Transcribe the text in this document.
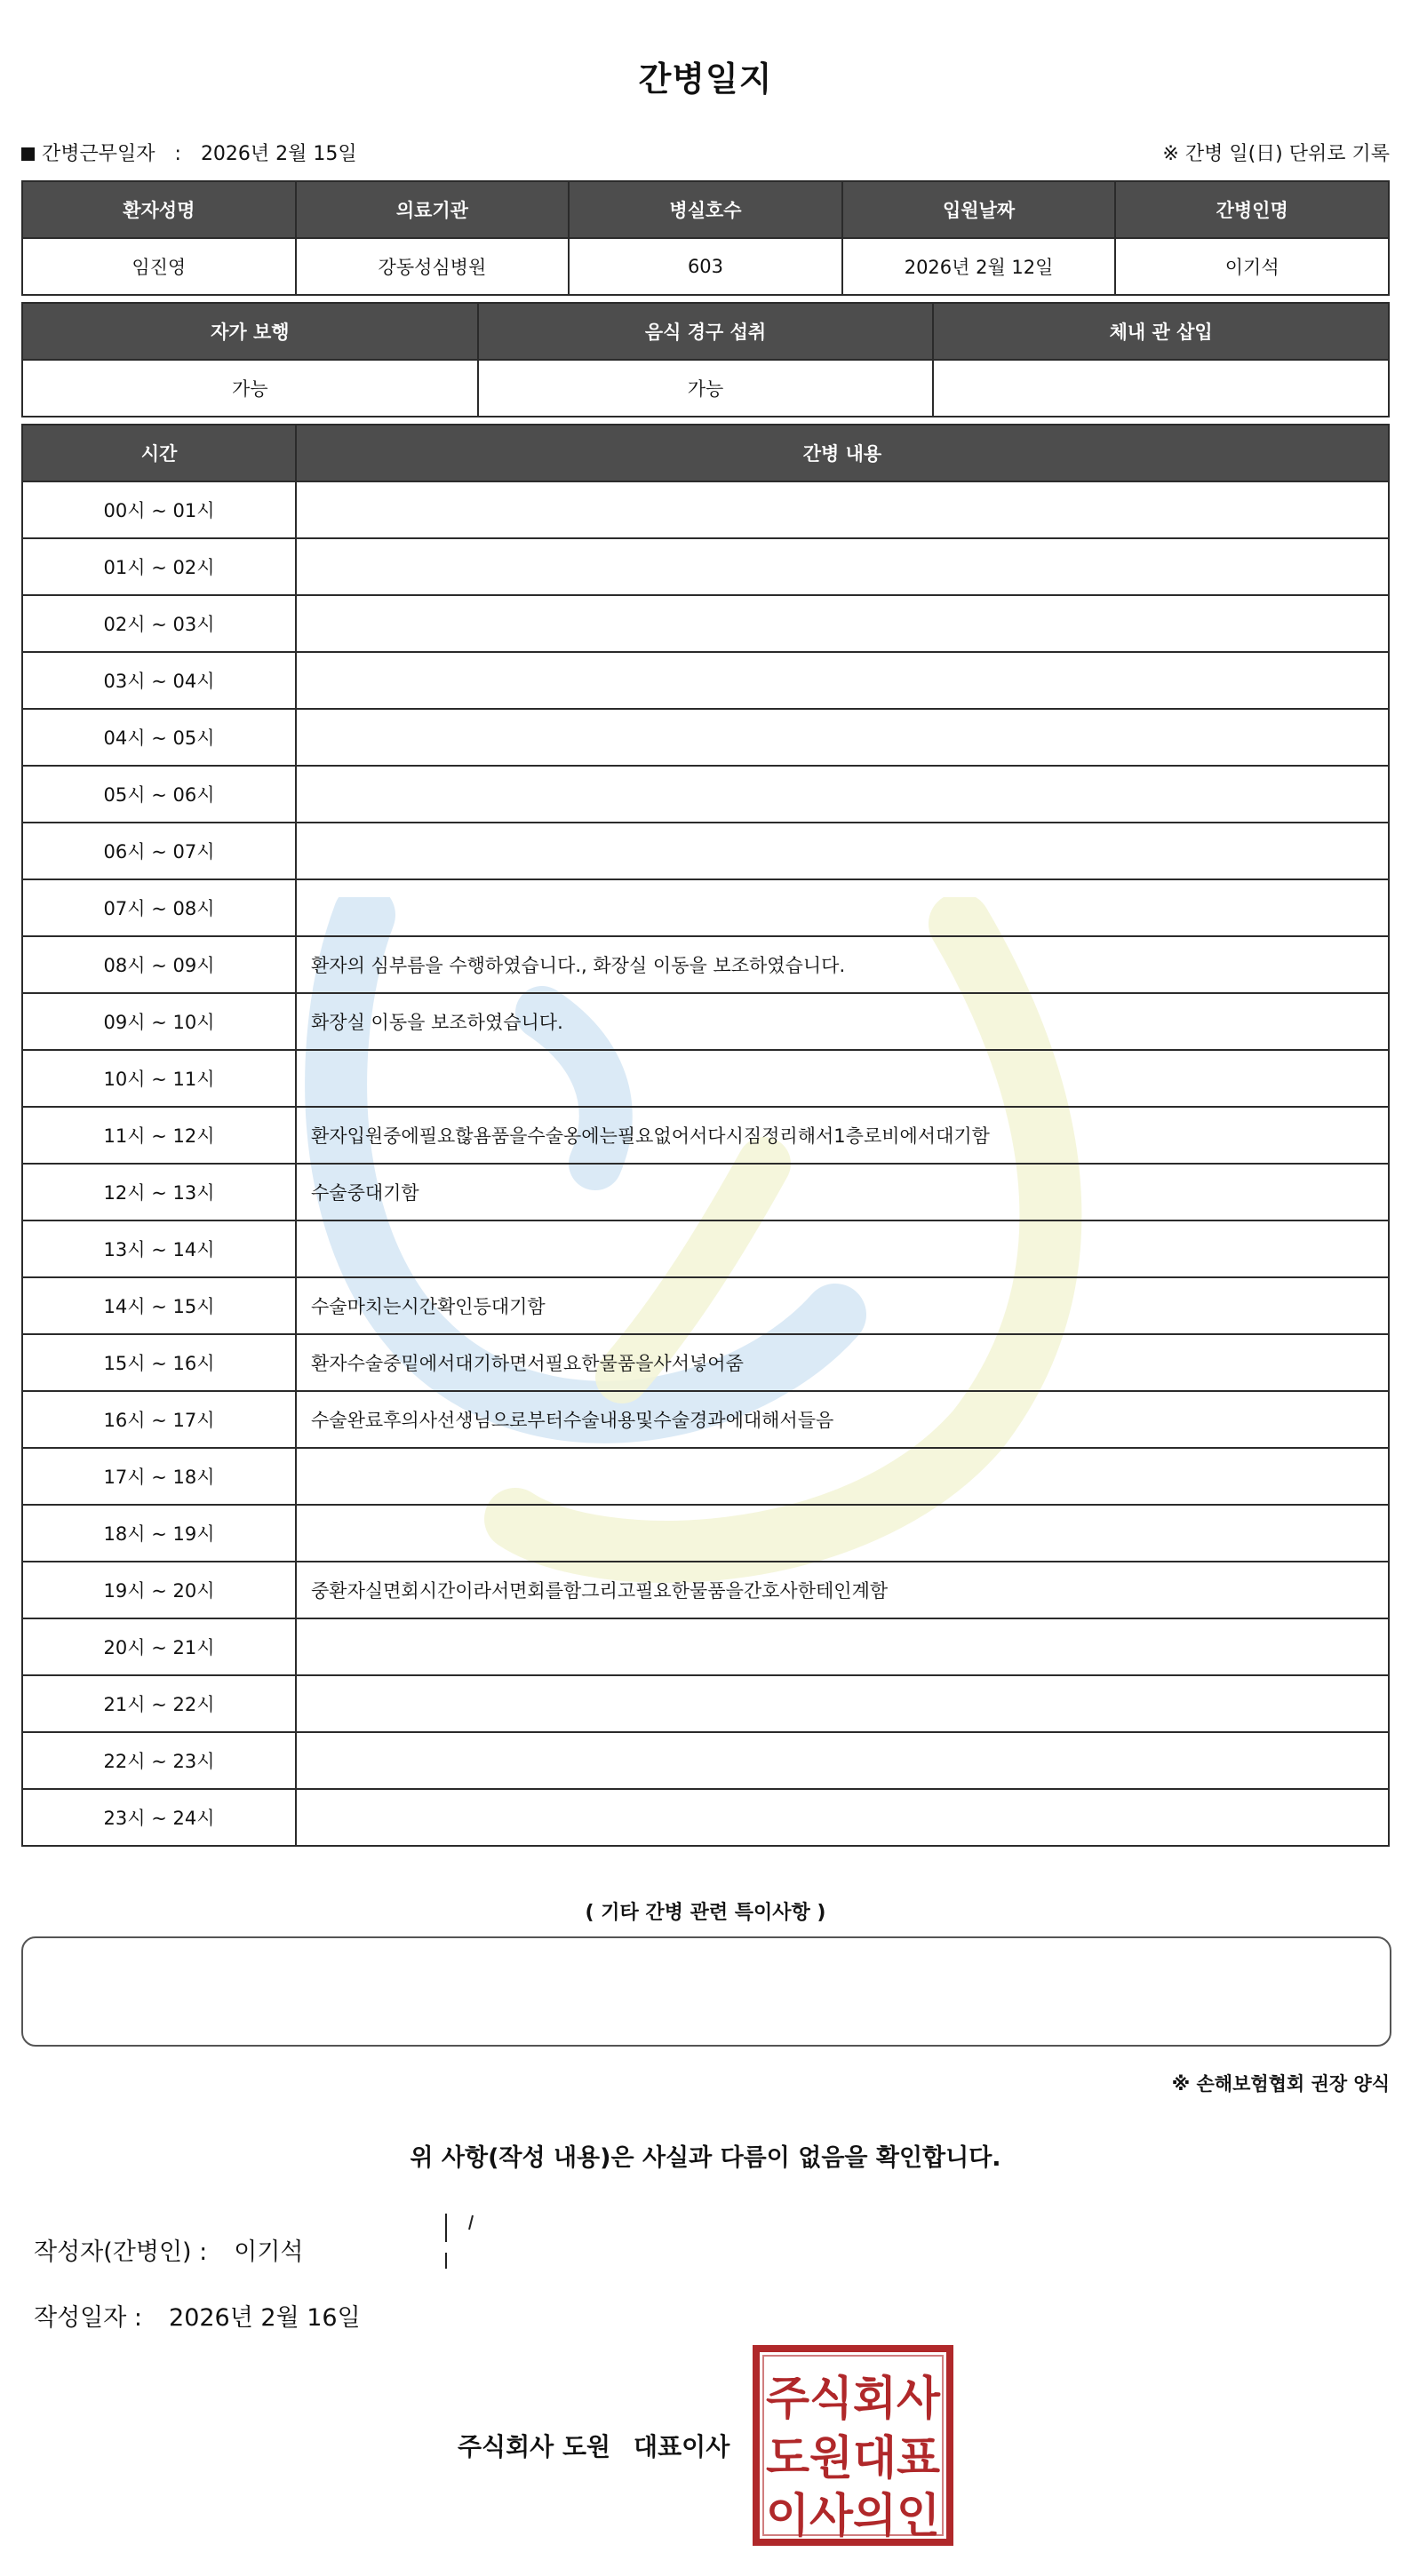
간병일지
간병근무일자 : 2026년 2월 15일	※ 간병 일(日) 단위로 기록
환자성명	의료기관	병실호수	입원날짜	간병인명
임진영	강동성심병원	603	2026년 2월 12일	이기석
자가 보행	음식 경구 섭취	체내 관 삽입
가능	가능	
시간	간병 내용
00시 ~ 01시	
01시 ~ 02시	
02시 ~ 03시	
03시 ~ 04시	
04시 ~ 05시	
05시 ~ 06시	
06시 ~ 07시	
07시 ~ 08시	
08시 ~ 09시	환자의 심부름을 수행하였습니다., 화장실 이동을 보조하였습니다.
09시 ~ 10시	화장실 이동을 보조하였습니다.
10시 ~ 11시	
11시 ~ 12시	환자입원중에필요핞욤품을수술옹에는필요없어서다시짐정리해서1층로비에서대기함
12시 ~ 13시	수술중대기함
13시 ~ 14시	
14시 ~ 15시	수술마치는시간확인등대기함
15시 ~ 16시	환자수술중밑에서대기하면서필요한물품을사서넣어줌
16시 ~ 17시	수술완료후의사선생님으로부터수술내용및수술경과에대해서들음
17시 ~ 18시	
18시 ~ 19시	
19시 ~ 20시	중환자실면회시간이라서면회를함그리고필요한물품을간호사한테인계함
20시 ~ 21시	
21시 ~ 22시	
22시 ~ 23시	
23시 ~ 24시	
( 기타 간병 관련 특이사항 )
※ 손해보험협회 권장 양식
위 사항(작성 내용)은 사실과 다름이 없음을 확인합니다.
작성자(간병인) : 이기석
작성일자 : 2026년 2월 16일
주식회사 도원 대표이사
주식회사
도원대표
이사의인
